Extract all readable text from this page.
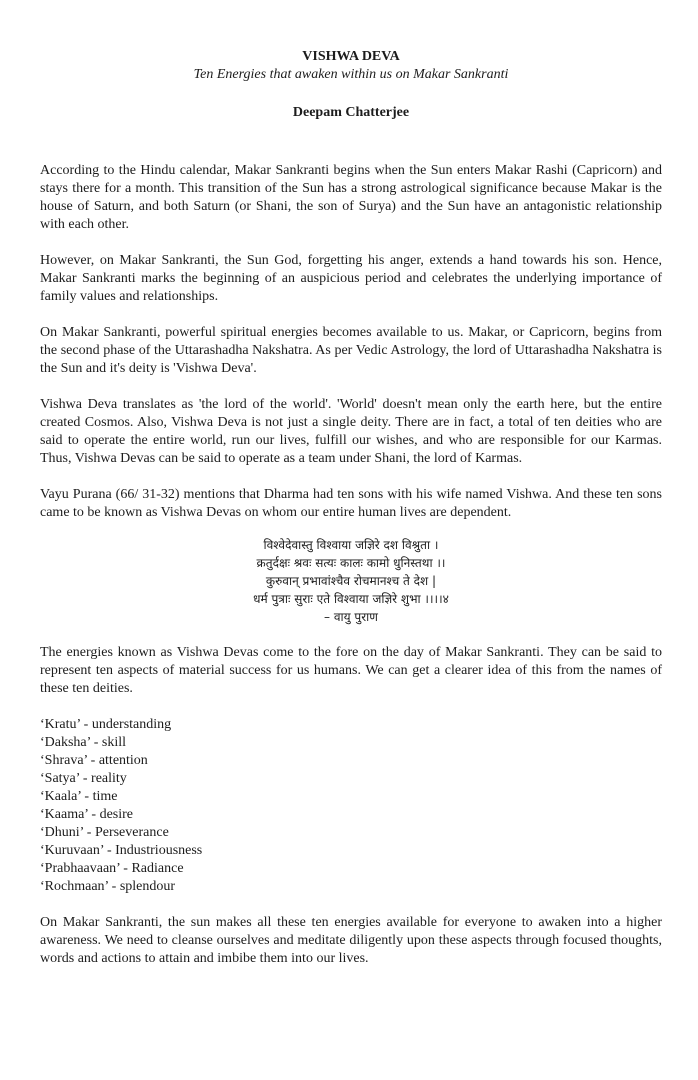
VISHWA DEVA

Ten Energies that awaken within us on Makar Sankranti

Deepam Chatterjee

According to the Hindu calendar, Makar Sankranti begins when the Sun enters Makar Rashi (Capricorn) and stays there for a month. This transition of the Sun has a strong astrological significance because Makar is the house of Saturn, and both Saturn (or Shani, the son of Surya) and the Sun have an antagonistic relationship with each other.

However, on Makar Sankranti, the Sun God, forgetting his anger, extends a hand towards his son. Hence, Makar Sankranti marks the beginning of an auspicious period and celebrates the underlying importance of family values and relationships.

On Makar Sankranti, powerful spiritual energies becomes available to us. Makar, or Capricorn, begins from the second phase of the Uttarashadha Nakshatra. As per Vedic Astrology, the lord of Uttarashadha Nakshatra is the Sun and it's deity is 'Vishwa Deva'.

Vishwa Deva translates as 'the lord of the world'. 'World' doesn't mean only the earth here, but the entire created Cosmos. Also, Vishwa Deva is not just a single deity. There are in fact, a total of ten deities who are said to operate the entire world, run our lives, fulfill our wishes, and who are responsible for our Karmas. Thus, Vishwa Devas can be said to operate as a team under Shani, the lord of Karmas.

Vayu Purana (66/ 31-32) mentions that Dharma had ten sons with his wife named Vishwa. And these ten sons came to be known as Vishwa Devas on whom our entire human lives are dependent.

विश्वेदेवास्तु विश्वाया जज्ञिरे दश विश्रुता ।
क्रतुर्दक्षः श्रवः सत्यः कालः कामो धुनिस्तथा ।।
कुरुवान् प्रभावांश्चैव रोचमानश्च ते देश |
धर्म पुत्राः सुराः एते विश्वाया जज्ञिरे शुभा ।।।।४
– वायु पुराण

The energies known as Vishwa Devas come to the fore on the day of Makar Sankranti. They can be said to represent ten aspects of material success for us humans. We can get a clearer idea of this from the names of these ten deities.

‘Kratu’ - understanding
‘Daksha’ - skill
‘Shrava’ - attention
‘Satya’ - reality
‘Kaala’ - time
‘Kaama’ - desire
‘Dhuni’ - Perseverance
‘Kuruvaan’ - Industriousness
‘Prabhaavaan’ - Radiance
‘Rochmaan’ - splendour

On Makar Sankranti, the sun makes all these ten energies available for everyone to awaken into a higher awareness. We need to cleanse ourselves and meditate diligently upon these aspects through focused thoughts, words and actions to attain and imbibe them into our lives.
